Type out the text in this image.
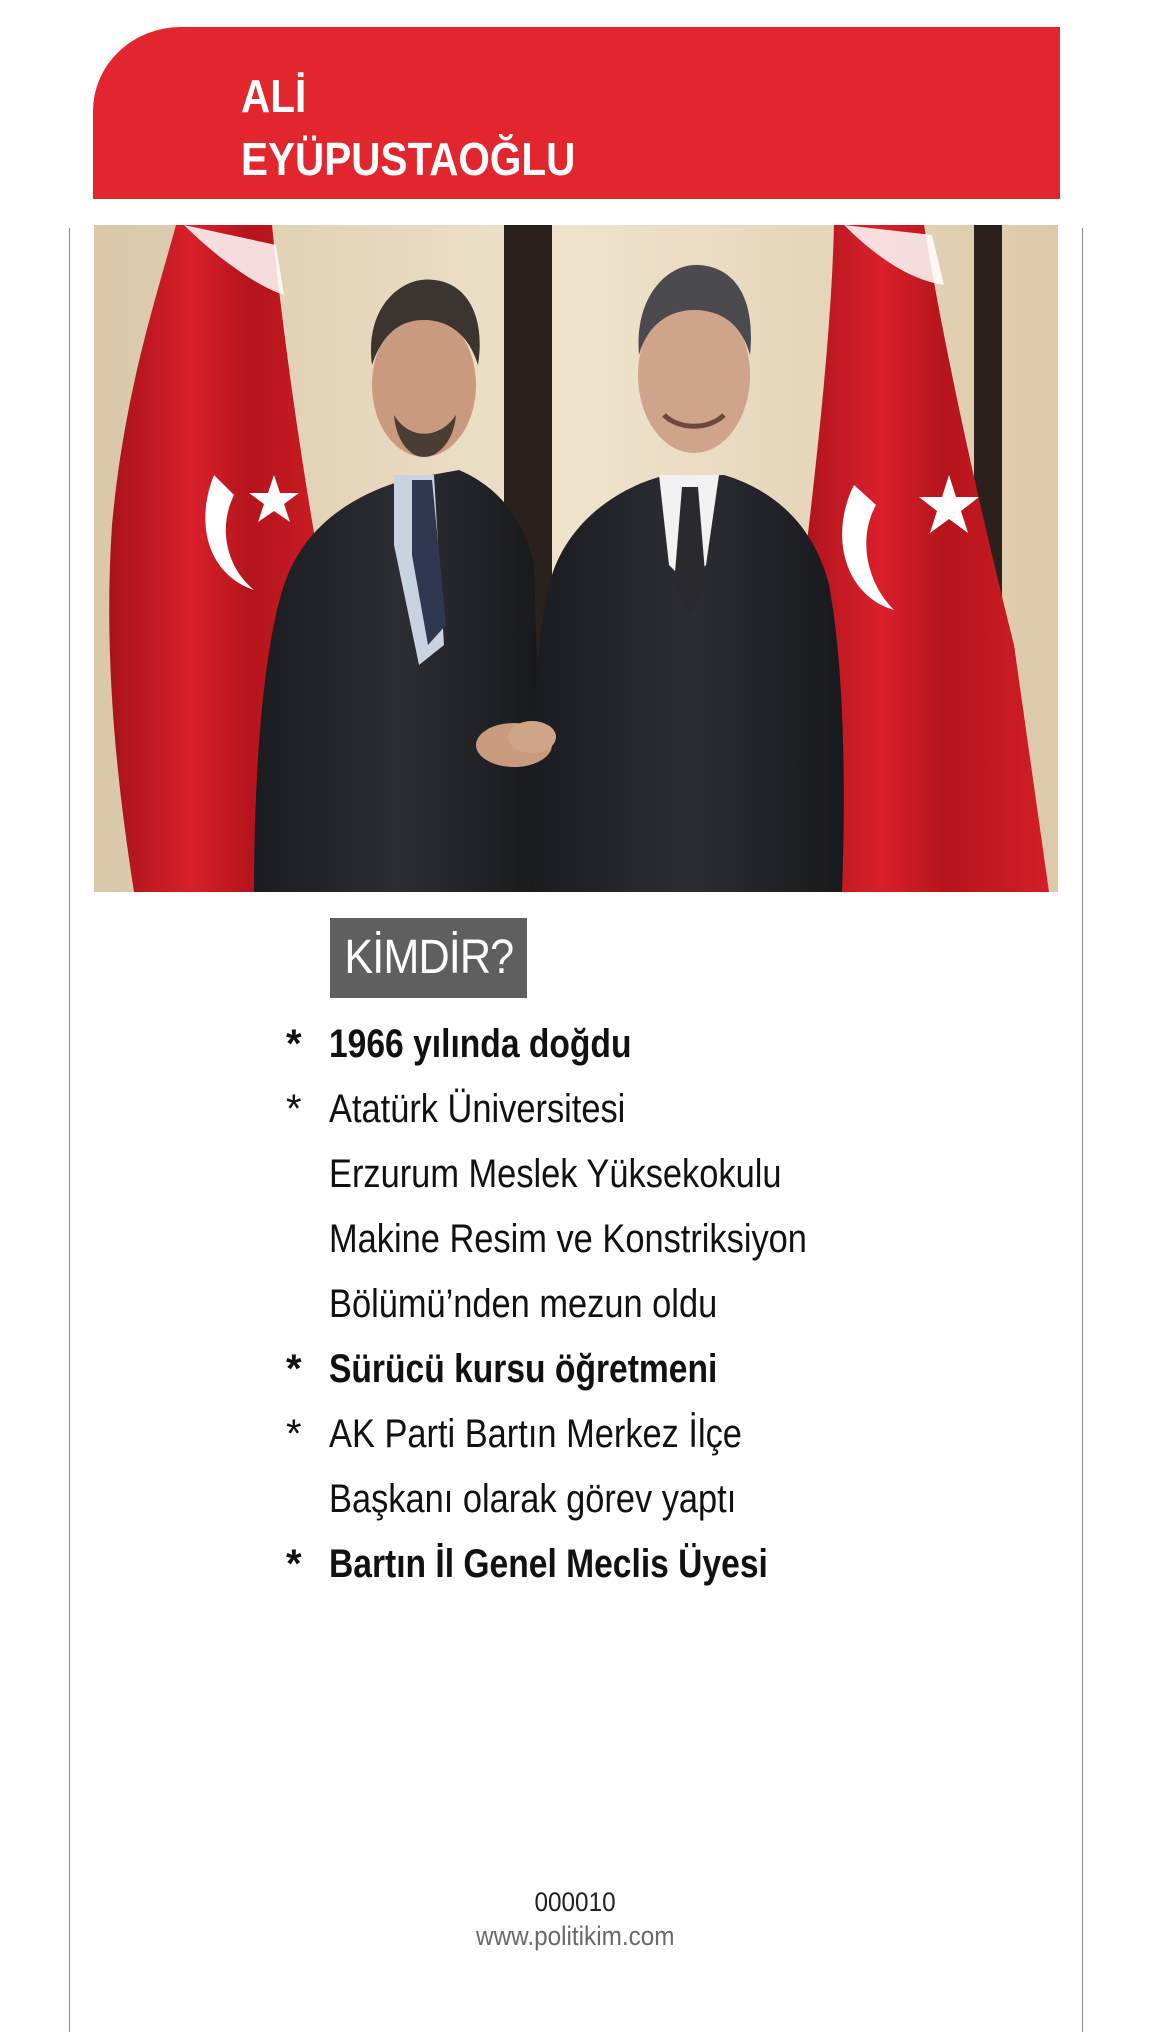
ALİ
EYÜPUSTAOĞLU
KİMDİR?
* 1966 yılında doğdu
* Atatürk Üniversitesi
Erzurum Meslek Yüksekokulu
Makine Resim ve Konstriksiyon
Bölümü’nden mezun oldu
* Sürücü kursu öğretmeni
* AK Parti Bartın Merkez İlçe
Başkanı olarak görev yaptı
* Bartın İl Genel Meclis Üyesi
000010
www.politikim.com
